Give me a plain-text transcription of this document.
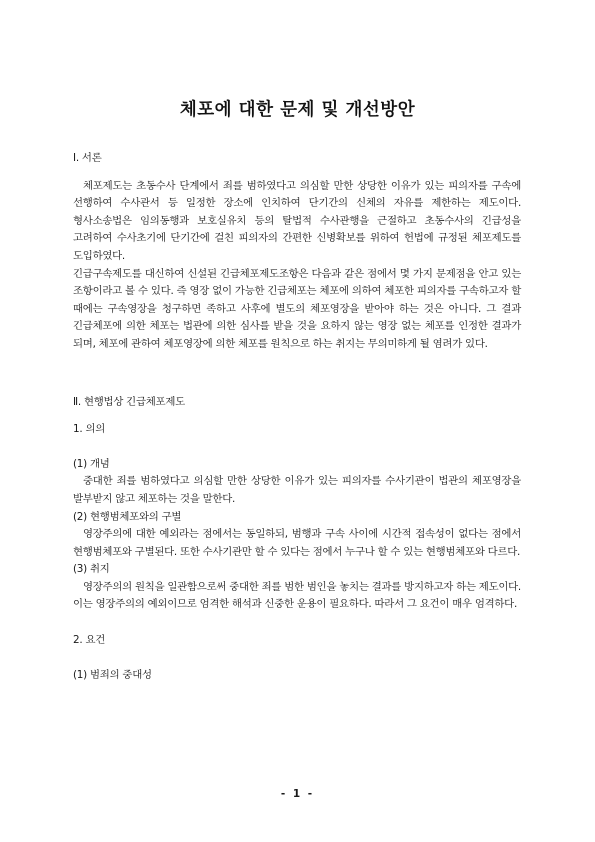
체포에 대한 문제 및 개선방안

Ⅰ. 서론

체포제도는 초동수사 단계에서 죄를 범하였다고 의심할 만한 상당한 이유가 있는 피의자를 구속에 선행하여 수사관서 등 일정한 장소에 인치하여 단기간의 신체의 자유를 제한하는 제도이다. 형사소송법은 임의동행과 보호실유치 등의 탈법적 수사관행을 근절하고 초동수사의 긴급성을 고려하여 수사초기에 단기간에 걸친 피의자의 간편한 신병확보를 위하여 헌법에 규정된 체포제도를 도입하였다.

긴급구속제도를 대신하여 신설된 긴급체포제도조항은 다음과 같은 점에서 몇 가지 문제점을 안고 있는 조항이라고 볼 수 있다. 즉 영장 없이 가능한 긴급체포는 체포에 의하여 체포한 피의자를 구속하고자 할 때에는 구속영장을 청구하면 족하고 사후에 별도의 체포영장을 받아야 하는 것은 아니다. 그 결과 긴급체포에 의한 체포는 법관에 의한 심사를 받을 것을 요하지 않는 영장 없는 체포를 인정한 결과가 되며, 체포에 관하여 체포영장에 의한 체포를 원칙으로 하는 취지는 무의미하게 될 염려가 있다.

Ⅱ. 현행법상 긴급체포제도

1. 의의

(1) 개념

중대한 죄를 범하였다고 의심할 만한 상당한 이유가 있는 피의자를 수사기관이 법관의 체포영장을 발부받지 않고 체포하는 것을 말한다.

(2) 현행범체포와의 구별

영장주의에 대한 예외라는 점에서는 동일하되, 범행과 구속 사이에 시간적 접속성이 없다는 점에서 현행범체포와 구별된다. 또한 수사기관만 할 수 있다는 점에서 누구나 할 수 있는 현행범체포와 다르다.

(3) 취지

영장주의의 원칙을 일관함으로써 중대한 죄를 범한 범인을 놓치는 결과를 방지하고자 하는 제도이다. 이는 영장주의의 예외이므로 엄격한 해석과 신중한 운용이 필요하다. 따라서 그 요건이 매우 엄격하다.

2. 요건

(1) 범죄의 중대성

- 1 -
